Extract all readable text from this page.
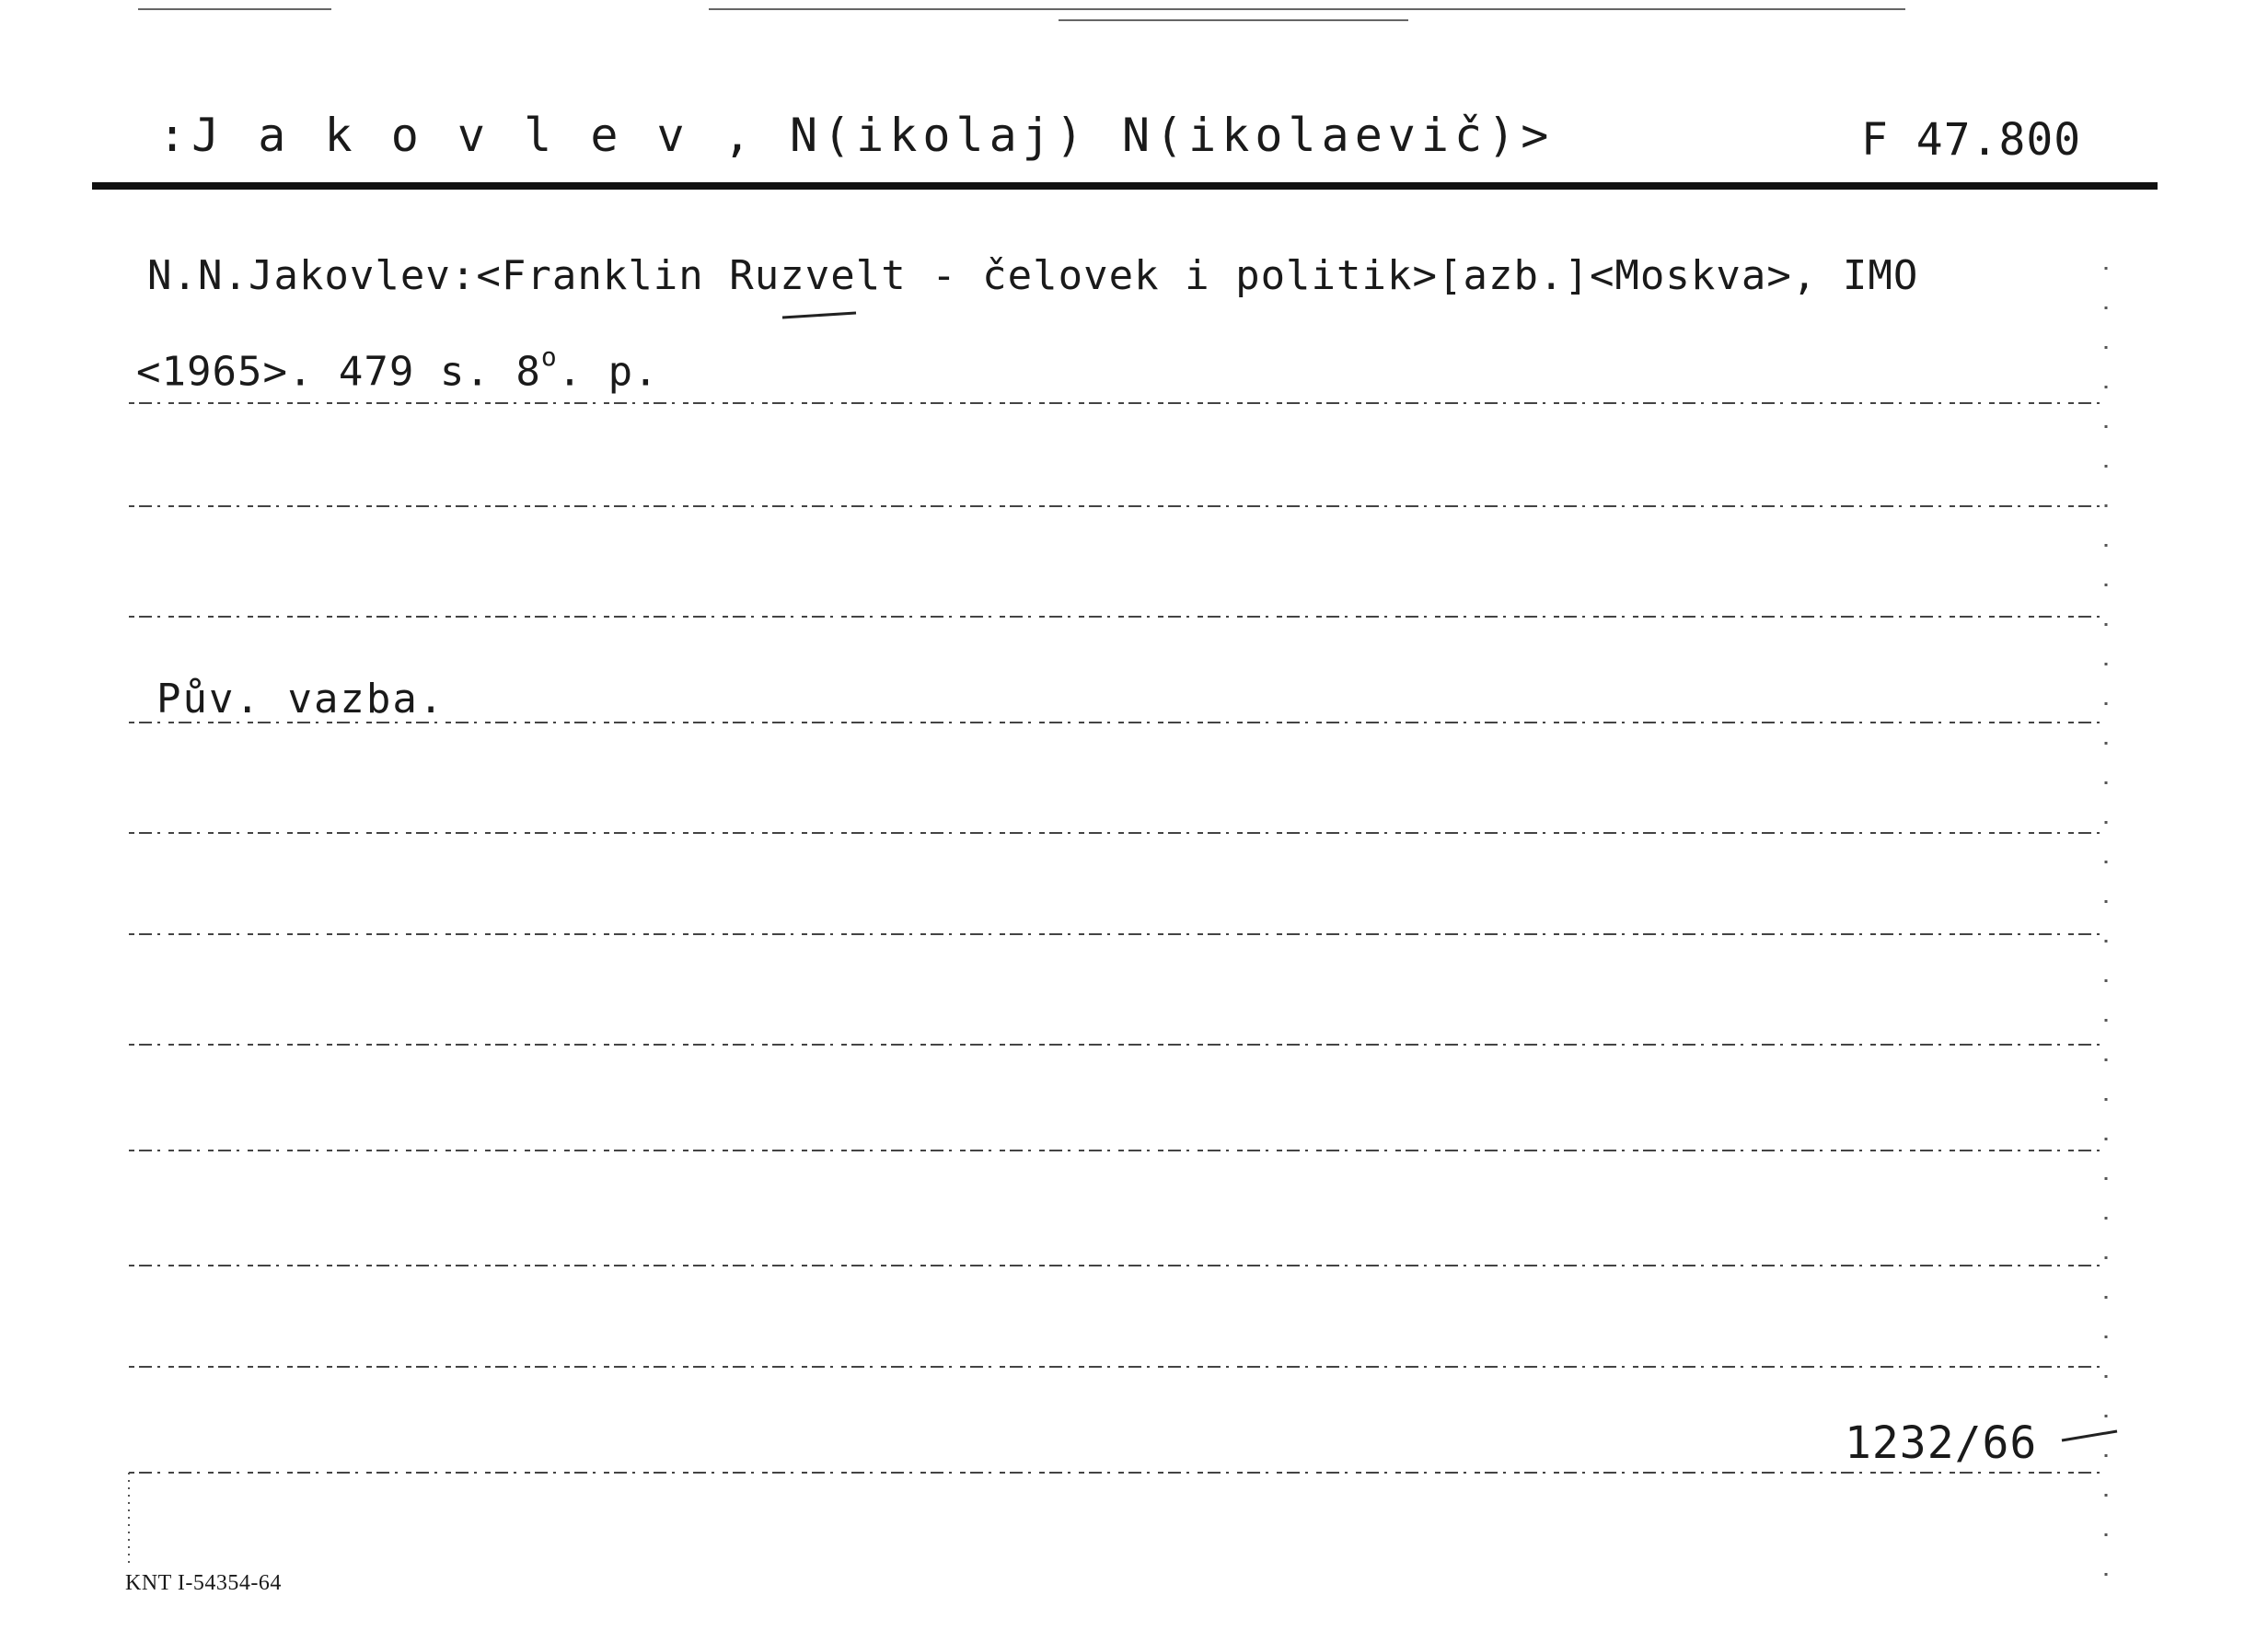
:J a k o v l e v , N(ikolaj) N(ikolaevič)>	F 47.800
N.N.Jakovlev:<Franklin Ruzvelt - čelovek i politik>[azb.]<Moskva>, IMO
<1965>. 479 s. 8$^o$. p.
Pův. vazba.
1232/66
KNT I-54354-64
